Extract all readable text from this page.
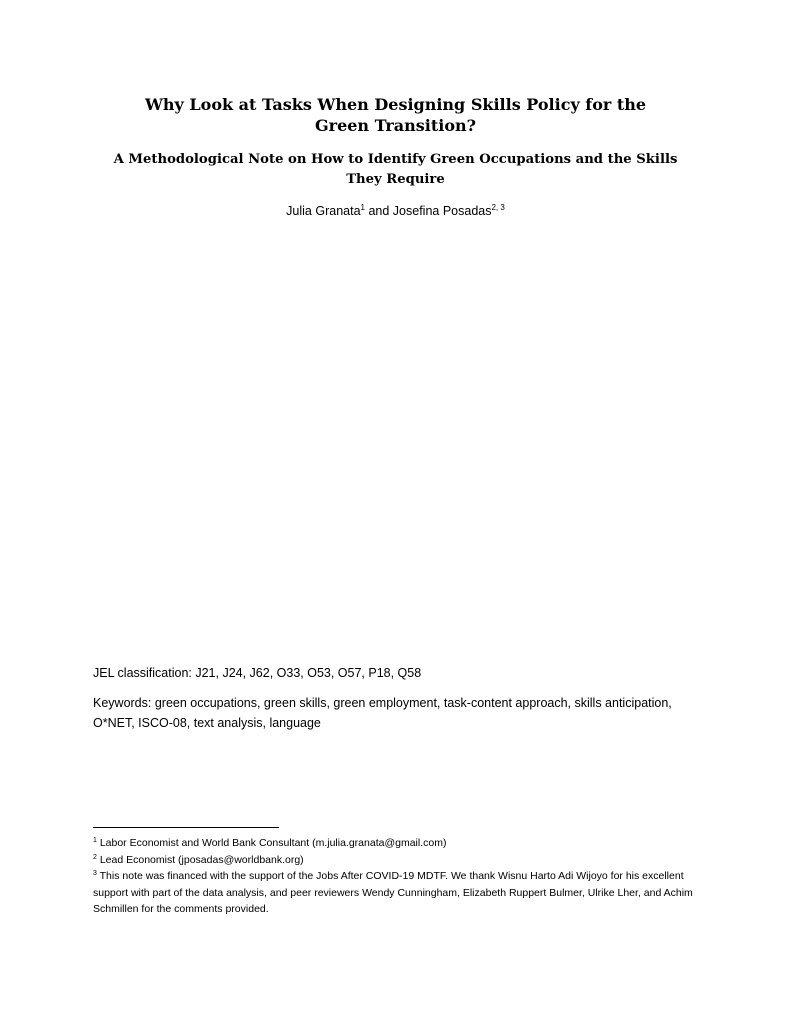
Why Look at Tasks When Designing Skills Policy for the Green Transition?
A Methodological Note on How to Identify Green Occupations and the Skills They Require

Julia Granata$^1$ and Josefina Posadas$^{2, 3}$

JEL classification: J21, J24, J62, O33, O53, O57, P18, Q58

Keywords: green occupations, green skills, green employment, task-content approach, skills anticipation, O*NET, ISCO-08, text analysis, language

$^1$ Labor Economist and World Bank Consultant (m.julia.granata@gmail.com)

$^2$ Lead Economist (jposadas@worldbank.org)

$^3$ This note was financed with the support of the Jobs After COVID-19 MDTF. We thank Wisnu Harto Adi Wijoyo for his excellent support with part of the data analysis, and peer reviewers Wendy Cunningham, Elizabeth Ruppert Bulmer, Ulrike Lher, and Achim Schmillen for the comments provided.
